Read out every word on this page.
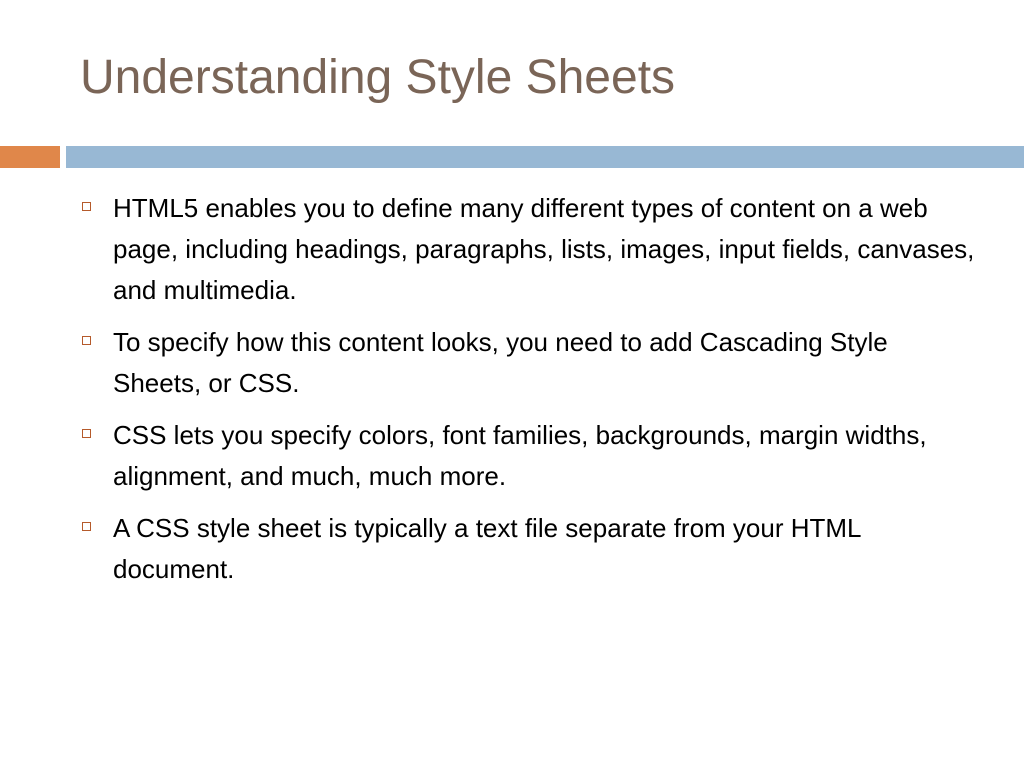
Understanding Style Sheets
HTML5 enables you to define many different types of content on a web page, including headings, paragraphs, lists, images, input fields, canvases, and multimedia.
To specify how this content looks, you need to add Cascading Style Sheets, or CSS.
CSS lets you specify colors, font families, backgrounds, margin widths, alignment, and much, much more.
A CSS style sheet is typically a text file separate from your HTML document.
